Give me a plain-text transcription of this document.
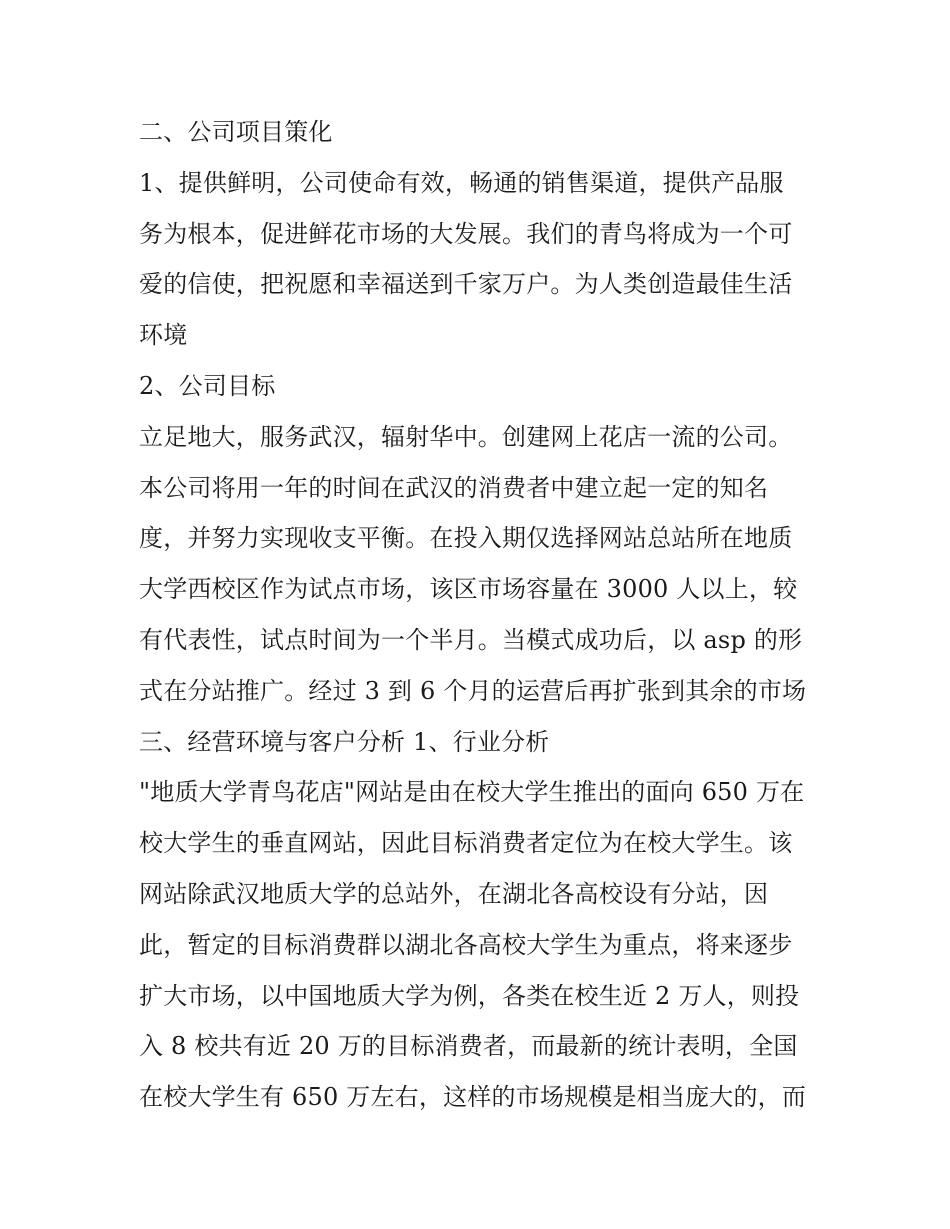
二、公司项目策化
1、提供鲜明，公司使命有效，畅通的销售渠道，提供产品服
务为根本，促进鲜花市场的大发展。我们的青鸟将成为一个可
爱的信使，把祝愿和幸福送到千家万户。为人类创造最佳生活
环境
2、公司目标
立足地大，服务武汉，辐射华中。创建网上花店一流的公司。
本公司将用一年的时间在武汉的消费者中建立起一定的知名
度，并努力实现收支平衡。在投入期仅选择网站总站所在地质
大学西校区作为试点市场，该区市场容量在 3000 人以上，较
有代表性，试点时间为一个半月。当模式成功后，以 asp 的形
式在分站推广。经过 3 到 6 个月的运营后再扩张到其余的市场
三、经营环境与客户分析 1、行业分析
"地质大学青鸟花店"网站是由在校大学生推出的面向 650 万在
校大学生的垂直网站，因此目标消费者定位为在校大学生。该
网站除武汉地质大学的总站外，在湖北各高校设有分站，因
此，暂定的目标消费群以湖北各高校大学生为重点，将来逐步
扩大市场，以中国地质大学为例，各类在校生近 2 万人，则投
入 8 校共有近 20 万的目标消费者，而最新的统计表明，全国
在校大学生有 650 万左右，这样的市场规模是相当庞大的，而
